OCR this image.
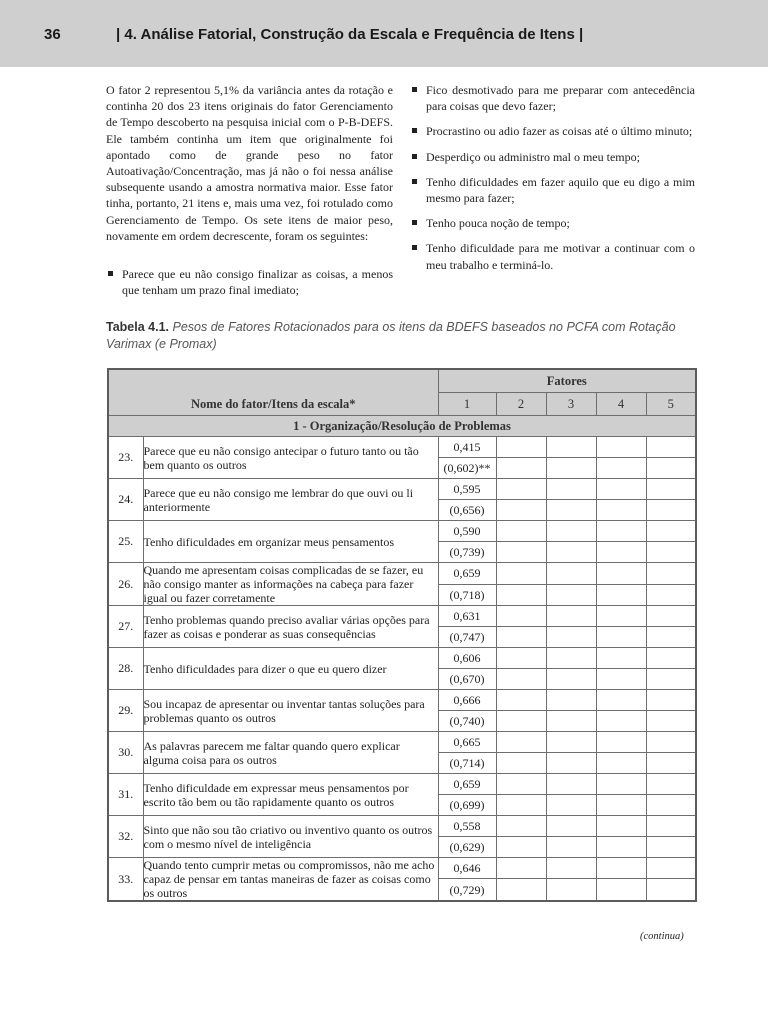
36	| 4. Análise Fatorial, Construção da Escala e Frequência de Itens |

O fator 2 representou 5,1% da variância antes da rotação e continha 20 dos 23 itens originais do fator Gerenciamento de Tempo descoberto na pesquisa inicial com o P-B-DEFS. Ele também continha um item que originalmente foi apontado como de grande peso no fator Autoativação/Concentração, mas já não o foi nessa análise subsequente usando a amostra normativa maior. Esse fator tinha, portanto, 21 itens e, mais uma vez, foi rotulado como Gerenciamento de Tempo. Os sete itens de maior peso, novamente em ordem decrescente, foram os seguintes:

Parece que eu não consigo finalizar as coisas, a menos que tenham um prazo final imediato;
Fico desmotivado para me preparar com antecedência para coisas que devo fazer;
Procrastino ou adio fazer as coisas até o último minuto;
Desperdiço ou administro mal o meu tempo;
Tenho dificuldades em fazer aquilo que eu digo a mim mesmo para fazer;
Tenho pouca noção de tempo;
Tenho dificuldade para me motivar a continuar com o meu trabalho e terminá-lo.
Tabela 4.1. Pesos de Fatores Rotacionados para os itens da BDEFS baseados no PCFA com Rotação Varimax (e Promax)
Nome do fator/Itens da escala*		Fatores				
		1	2	3	4	5
1 - Organização/Resolução de Problemas						
23.	Parece que eu não consigo antecipar o futuro tanto ou tão bem quanto os outros	0,415				
		(0,602)**				
24.	Parece que eu não consigo me lembrar do que ouvi ou li anteriormente	0,595				
		(0,656)				
25.	Tenho dificuldades em organizar meus pensamentos	0,590				
		(0,739)				
26.	Quando me apresentam coisas complicadas de se fazer, eu não consigo manter as informações na cabeça para fazer igual ou fazer corretamente	0,659				
		(0,718)				
27.	Tenho problemas quando preciso avaliar várias opções para fazer as coisas e ponderar as suas consequências	0,631				
		(0,747)				
28.	Tenho dificuldades para dizer o que eu quero dizer	0,606				
		(0,670)				
29.	Sou incapaz de apresentar ou inventar tantas soluções para problemas quanto os outros	0,666				
		(0,740)				
30.	As palavras parecem me faltar quando quero explicar alguma coisa para os outros	0,665				
		(0,714)				
31.	Tenho dificuldade em expressar meus pensamentos por escrito tão bem ou tão rapidamente quanto os outros	0,659				
		(0,699)				
32.	Sinto que não sou tão criativo ou inventivo quanto os outros com o mesmo nível de inteligência	0,558				
		(0,629)				
33.	Quando tento cumprir metas ou compromissos, não me acho capaz de pensar em tantas maneiras de fazer as coisas como os outros	0,646				
		(0,729)				
(continua)
